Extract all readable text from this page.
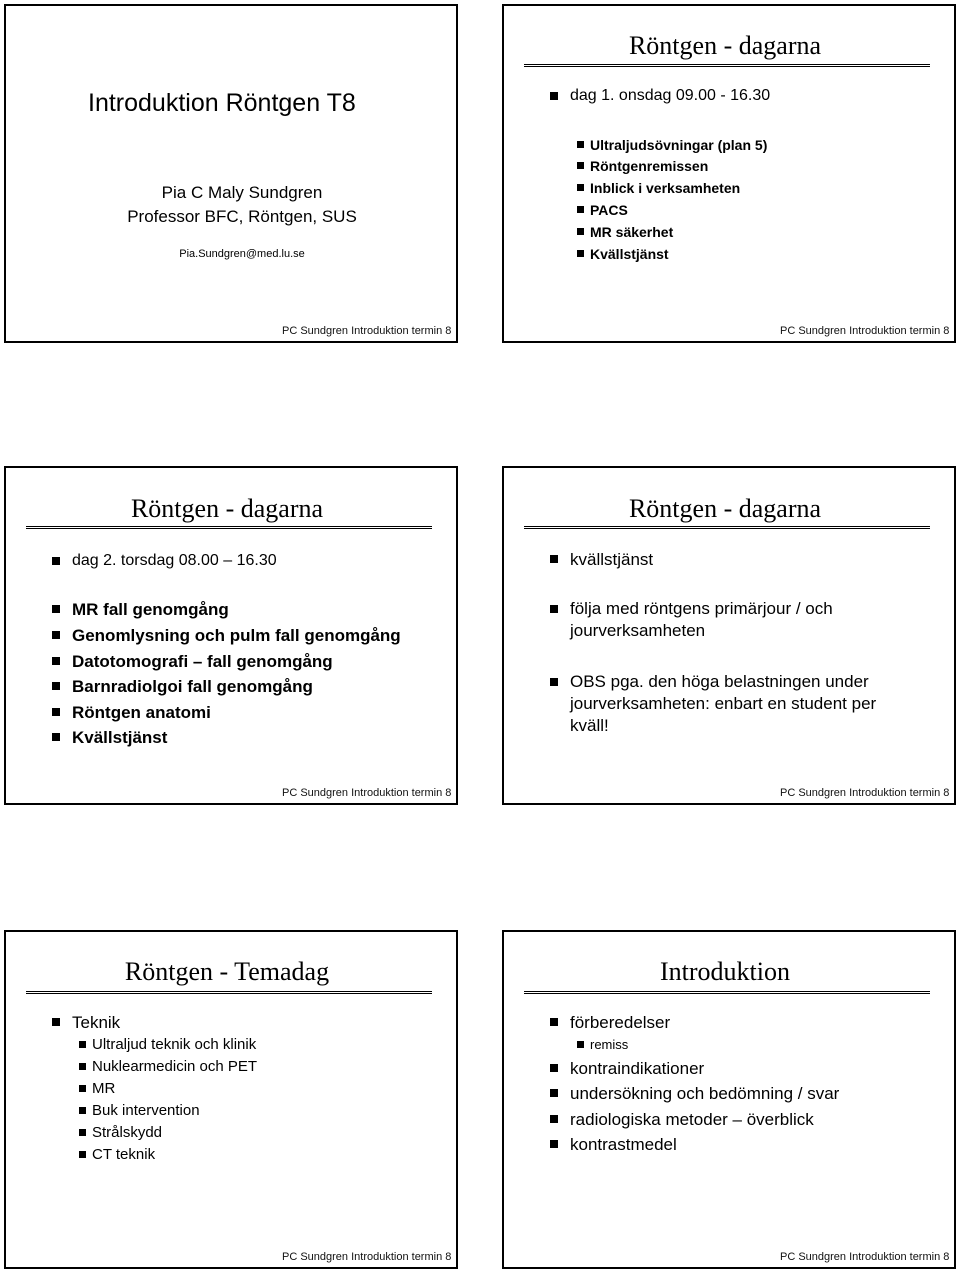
Introduktion Röntgen T8
Pia C Maly Sundgren
Professor BFC, Röntgen, SUS
Pia.Sundgren@med.lu.se
PC Sundgren Introduktion termin 8
Röntgen - dagarna
dag 1. onsdag 09.00 - 16.30
Ultraljudsövningar (plan 5)
Röntgenremissen
Inblick i verksamheten
PACS
MR säkerhet
Kvällstjänst
PC Sundgren Introduktion termin 8
Röntgen - dagarna
dag 2. torsdag 08.00 – 16.30
MR fall genomgång
Genomlysning och pulm fall genomgång
Datotomografi – fall genomgång
Barnradiolgoi fall genomgång
Röntgen anatomi
Kvällstjänst
PC Sundgren Introduktion termin 8
Röntgen - dagarna
kvällstjänst
följa med röntgens primärjour / och
jourverksamheten
OBS pga. den höga belastningen under
jourverksamheten: enbart en student per
kväll!
PC Sundgren Introduktion termin 8
Röntgen - Temadag
Teknik
Ultraljud teknik och klinik
Nuklearmedicin och PET
MR
Buk intervention
Strålskydd
CT teknik
PC Sundgren Introduktion termin 8
Introduktion
förberedelser
remiss
kontraindikationer
undersökning och bedömning / svar
radiologiska metoder – överblick
kontrastmedel
PC Sundgren Introduktion termin 8
